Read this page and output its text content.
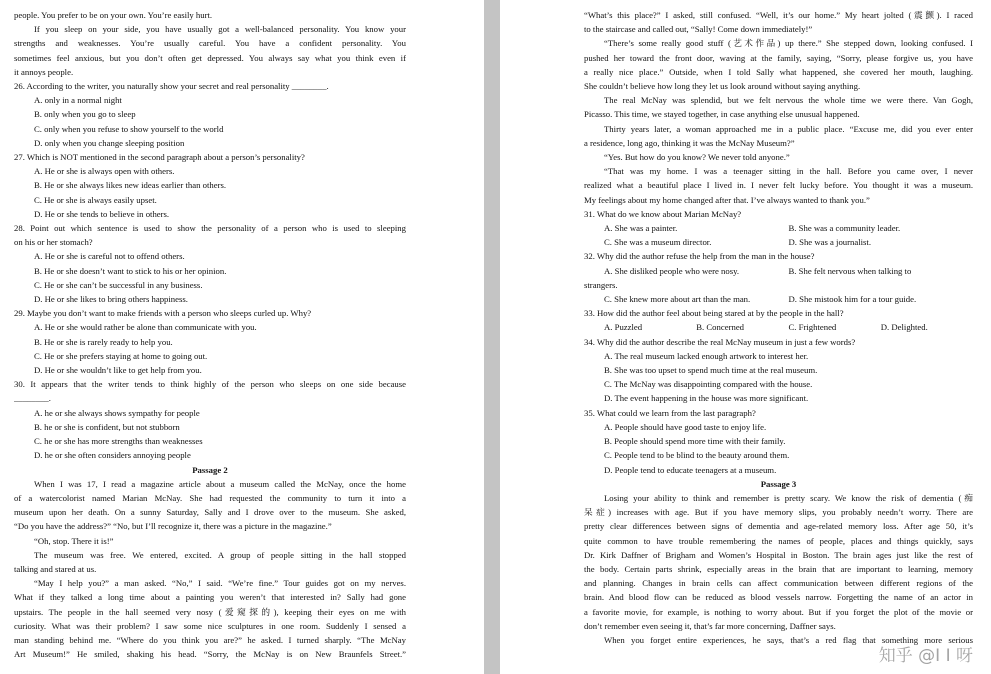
people. You prefer to be on your own. You’re easily hurt.
If you sleep on your side, you have usually got a well-balanced personality. You know your
strengths and weaknesses. You’re usually careful. You have a confident personality. You
sometimes feel anxious, but you don’t often get depressed. You always say what you think even if
it annoys people.
26. According to the writer, you naturally show your secret and real personality ________.
A. only in a normal night
B. only when you go to sleep
C. only when you refuse to show yourself to the world
D. only when you change sleeping position
27. Which is NOT mentioned in the second paragraph about a person’s personality?
A. He or she is always open with others.
B. He or she always likes new ideas earlier than others.
C. He or she is always easily upset.
D. He or she tends to believe in others.
28. Point out which sentence is used to show the personality of a person who is used to sleeping
on his or her stomach?
A. He or she is careful not to offend others.
B. He or she doesn’t want to stick to his or her opinion.
C. He or she can’t be successful in any business.
D. He or she likes to bring others happiness.
29. Maybe you don’t want to make friends with a person who sleeps curled up. Why?
A. He or she would rather be alone than communicate with you.
B. He or she is rarely ready to help you.
C. He or she prefers staying at home to going out.
D. He or she wouldn’t like to get help from you.
30. It appears that the writer tends to think highly of the person who sleeps on one side because
________.
A. he or she always shows sympathy for people
B. he or she is confident, but not stubborn
C. he or she has more strengths than weaknesses
D. he or she often considers annoying people
Passage 2
When I was 17, I read a magazine article about a museum called the McNay, once the home
of a watercolorist named Marian McNay. She had requested the community to turn it into a
museum upon her death. On a sunny Saturday, Sally and I drove over to the museum. She asked,
“Do you have the address?” “No, but I’ll recognize it, there was a picture in the magazine.”
“Oh, stop. There it is!”
The museum was free. We entered, excited. A group of people sitting in the hall stopped
talking and stared at us.
“May I help you?” a man asked. “No,” I said. “We’re fine.” Tour guides got on my nerves.
What if they talked a long time about a painting you weren’t that interested in? Sally had gone
upstairs. The people in the hall seemed very nosy (爱窥探的), keeping their eyes on me with
curiosity. What was their problem? I saw some nice sculptures in one room. Suddenly I sensed a
man standing behind me. “Where do you think you are?” he asked. I turned sharply. “The McNay
Art Museum!” He smiled, shaking his head. “Sorry, the McNay is on New Braunfels Street.”
“What’s this place?” I asked, still confused. “Well, it’s our home.” My heart jolted (震颤). I raced
to the staircase and called out, “Sally! Come down immediately!”
“There’s some really good stuff (艺术作品) up there.” She stepped down, looking confused. I
pushed her toward the front door, waving at the family, saying, “Sorry, please forgive us, you have
a really nice place.” Outside, when I told Sally what happened, she covered her mouth, laughing.
She couldn’t believe how long they let us look around without saying anything.
The real McNay was splendid, but we felt nervous the whole time we were there. Van Gogh,
Picasso. This time, we stayed together, in case anything else unusual happened.
Thirty years later, a woman approached me in a public place. “Excuse me, did you ever enter
a residence, long ago, thinking it was the McNay Museum?”
“Yes. But how do you know? We never told anyone.”
“That was my home. I was a teenager sitting in the hall. Before you came over, I never
realized what a beautiful place I lived in. I never felt lucky before. You thought it was a museum.
My feelings about my home changed after that. I’ve always wanted to thank you.”
31. What do we know about Marian McNay?
A. She was a painter.	B. She was a community leader.
C. She was a museum director.	D. She was a journalist.
32. Why did the author refuse the help from the man in the house?
A. She disliked people who were nosy.	B. She felt nervous when talking to
strangers.
C. She knew more about art than the man.	D. She mistook him for a tour guide.
33. How did the author feel about being stared at by the people in the hall?
A. Puzzled	B. Concerned	C. Frightened	D. Delighted.
34. Why did the author describe the real McNay museum in just a few words?
A. The real museum lacked enough artwork to interest her.
B. She was too upset to spend much time at the real museum.
C. The McNay was disappointing compared with the house.
D. The event happening in the house was more significant.
35. What could we learn from the last paragraph?
A. People should have good taste to enjoy life.
B. People should spend more time with their family.
C. People tend to be blind to the beauty around them.
D. People tend to educate teenagers at a museum.
Passage 3
Losing your ability to think and remember is pretty scary. We know the risk of dementia (痴
呆症) increases with age. But if you have memory slips, you probably needn’t worry. There are
pretty clear differences between signs of dementia and age-related memory loss. After age 50, it’s
quite common to have trouble remembering the names of people, places and things quickly, says
Dr. Kirk Daffner of Brigham and Women’s Hospital in Boston. The brain ages just like the rest of
the body. Certain parts shrink, especially areas in the brain that are important to learning, memory
and planning. Changes in brain cells can affect communication between different regions of the
brain. And blood flow can be reduced as blood vessels narrow. Forgetting the name of an actor in
a favorite movie, for example, is nothing to worry about. But if you forget the plot of the movie or
don’t remember even seeing it, that’s far more concerning, Daffner says.
When you forget entire experiences, he says, that’s a red flag that something more serious
知乎 @I I 呀
